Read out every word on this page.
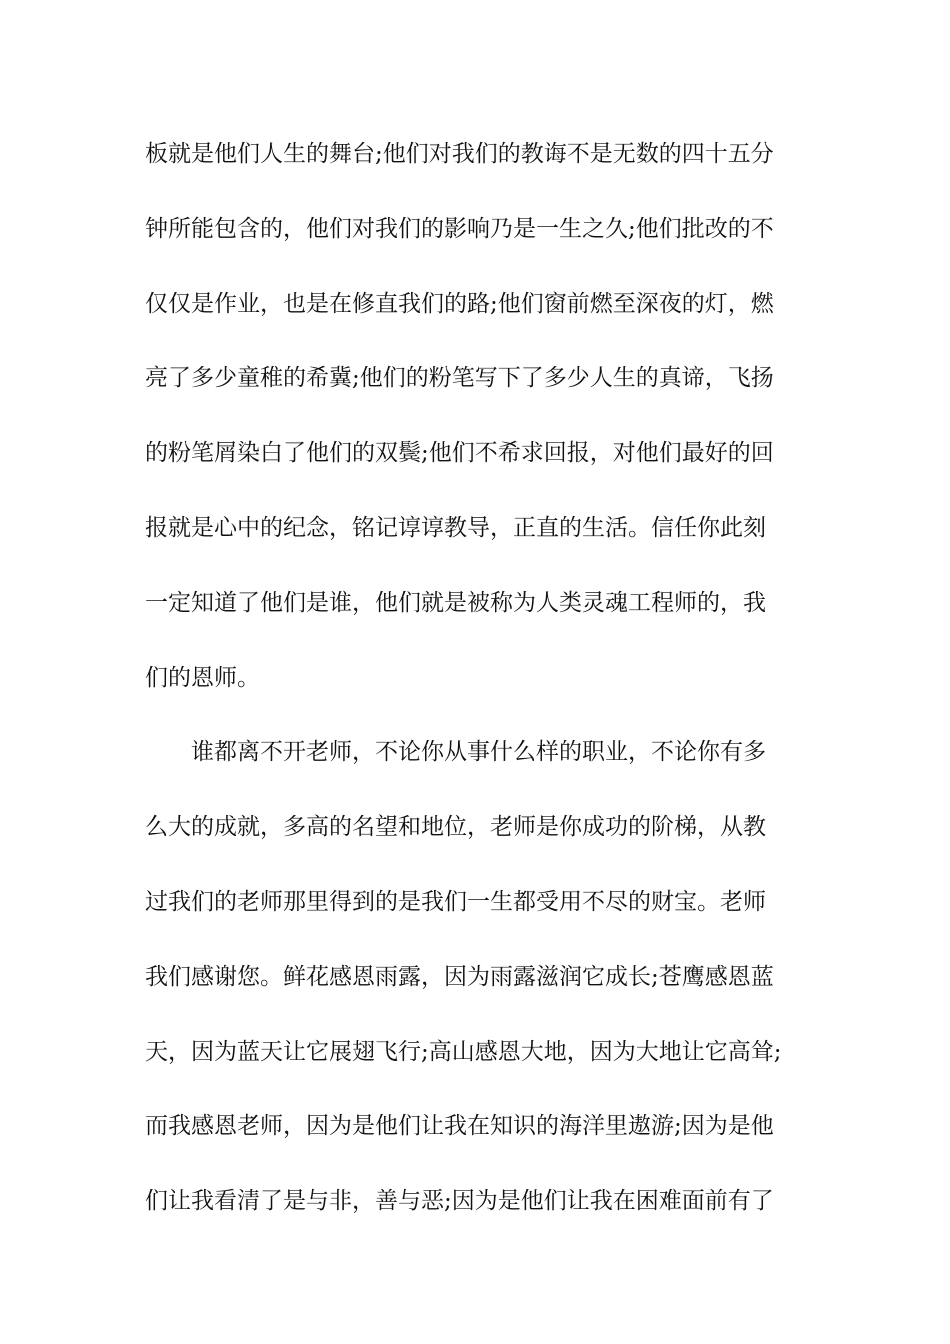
板就是他们人生的舞台;他们对我们的教诲不是无数的四十五分
钟所能包含的，他们对我们的影响乃是一生之久;他们批改的不
仅仅是作业，也是在修直我们的路;他们窗前燃至深夜的灯，燃
亮了多少童稚的希冀;他们的粉笔写下了多少人生的真谛，飞扬
的粉笔屑染白了他们的双鬓;他们不希求回报，对他们最好的回
报就是心中的纪念，铭记谆谆教导，正直的生活。信任你此刻
一定知道了他们是谁，他们就是被称为人类灵魂工程师的，我
们的恩师。
谁都离不开老师，不论你从事什么样的职业，不论你有多
么大的成就，多高的名望和地位，老师是你成功的阶梯，从教
过我们的老师那里得到的是我们一生都受用不尽的财宝。老师
我们感谢您。鲜花感恩雨露，因为雨露滋润它成长;苍鹰感恩蓝
天，因为蓝天让它展翅飞行;高山感恩大地，因为大地让它高耸;
而我感恩老师，因为是他们让我在知识的海洋里遨游;因为是他
们让我看清了是与非，善与恶;因为是他们让我在困难面前有了
